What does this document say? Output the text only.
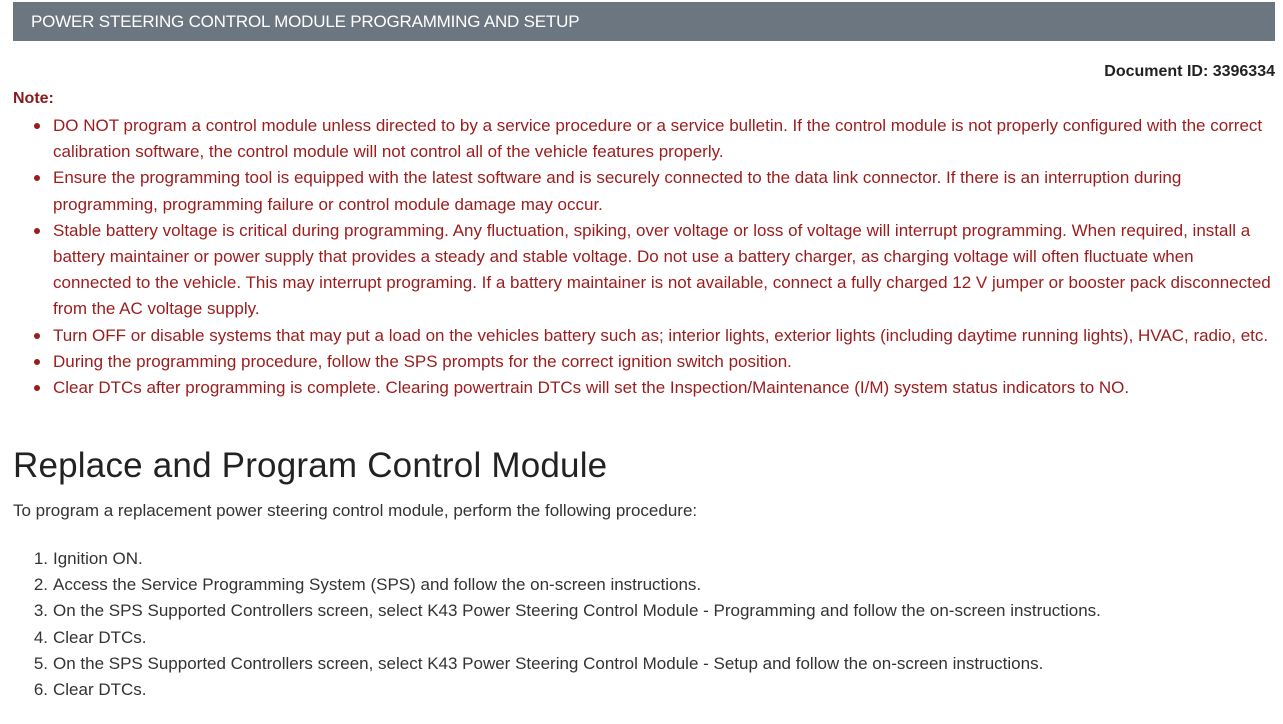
POWER STEERING CONTROL MODULE PROGRAMMING AND SETUP
Document ID: 3396334
Note:
DO NOT program a control module unless directed to by a service procedure or a service bulletin. If the control module is not properly configured with the correct calibration software, the control module will not control all of the vehicle features properly.
Ensure the programming tool is equipped with the latest software and is securely connected to the data link connector. If there is an interruption during programming, programming failure or control module damage may occur.
Stable battery voltage is critical during programming. Any fluctuation, spiking, over voltage or loss of voltage will interrupt programming. When required, install a battery maintainer or power supply that provides a steady and stable voltage. Do not use a battery charger, as charging voltage will often fluctuate when connected to the vehicle. This may interrupt programing. If a battery maintainer is not available, connect a fully charged 12 V jumper or booster pack disconnected from the AC voltage supply.
Turn OFF or disable systems that may put a load on the vehicles battery such as; interior lights, exterior lights (including daytime running lights), HVAC, radio, etc.
During the programming procedure, follow the SPS prompts for the correct ignition switch position.
Clear DTCs after programming is complete. Clearing powertrain DTCs will set the Inspection/Maintenance (I/M) system status indicators to NO.
Replace and Program Control Module
To program a replacement power steering control module, perform the following procedure:
1. Ignition ON.
2. Access the Service Programming System (SPS) and follow the on-screen instructions.
3. On the SPS Supported Controllers screen, select K43 Power Steering Control Module - Programming and follow the on-screen instructions.
4. Clear DTCs.
5. On the SPS Supported Controllers screen, select K43 Power Steering Control Module - Setup and follow the on-screen instructions.
6. Clear DTCs.
